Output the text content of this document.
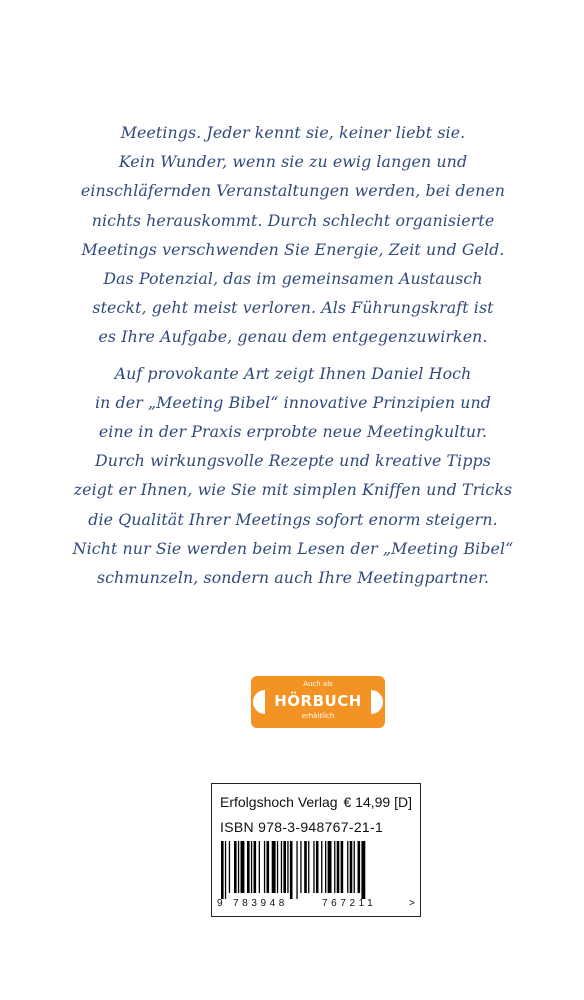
Meetings. Jeder kennt sie, keiner liebt sie.
Kein Wunder, wenn sie zu ewig langen und
einschläfernden Veranstaltungen werden, bei denen
nichts herauskommt. Durch schlecht organisierte
Meetings verschwenden Sie Energie, Zeit und Geld.
Das Potenzial, das im gemeinsamen Austausch
steckt, geht meist verloren. Als Führungskraft ist
es Ihre Aufgabe, genau dem entgegenzuwirken.

Auf provokante Art zeigt Ihnen Daniel Hoch
in der „Meeting Bibel“ innovative Prinzipien und
eine in der Praxis erprobte neue Meetingkultur.
Durch wirkungsvolle Rezepte und kreative Tipps
zeigt er Ihnen, wie Sie mit simplen Kniffen und Tricks
die Qualität Ihrer Meetings sofort enorm steigern.
Nicht nur Sie werden beim Lesen der „Meeting Bibel“
schmunzeln, sondern auch Ihre Meetingpartner.

Auch als
HÖRBUCH
erhältlich
Erfolgshoch Verlag € 14,99 [D]
ISBN 978-3-948767-21-1
9 783948	767211	>
